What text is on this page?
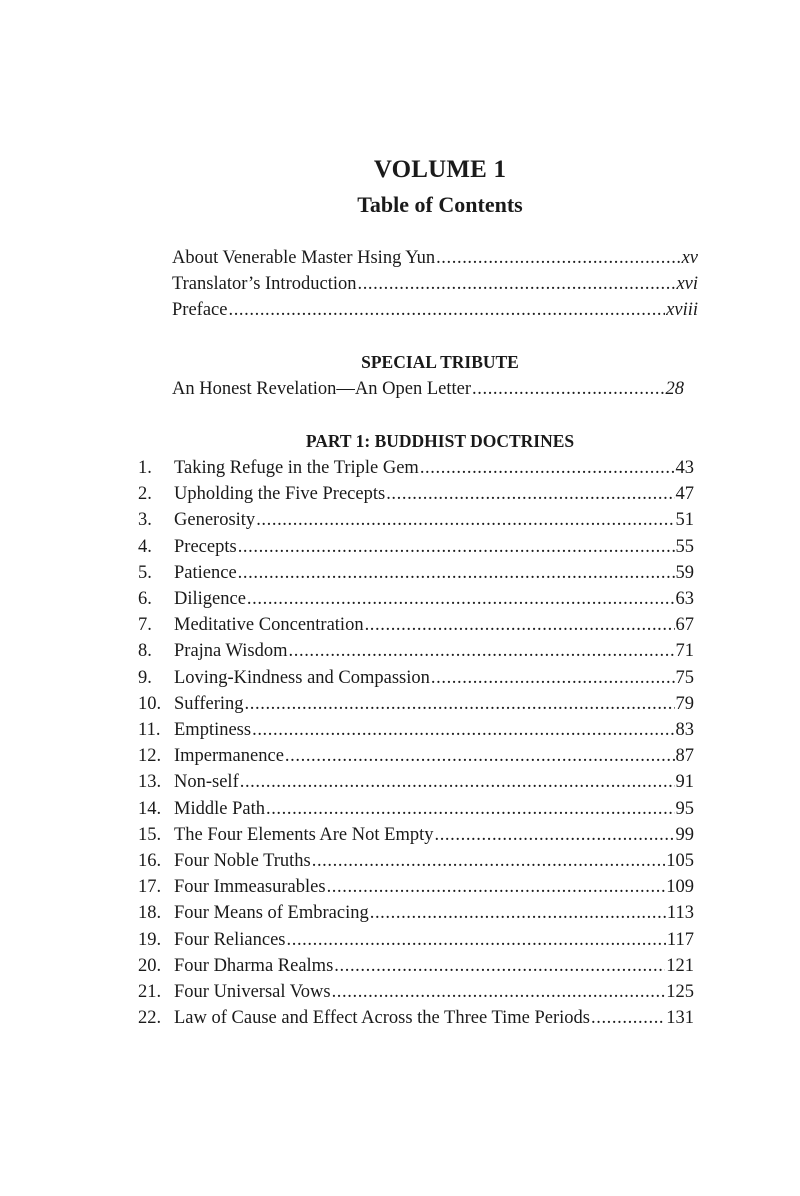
VOLUME 1
Table of Contents
About Venerable Master Hsing Yun .....	xv
Translator’s Introduction .....	xvi
Preface .....	xviii
SPECIAL TRIBUTE
An Honest Revelation—An Open Letter .....	28
PART 1: BUDDHIST DOCTRINES
1.	Taking Refuge in the Triple Gem .....	43
2.	Upholding the Five Precepts .....	47
3.	Generosity .....	51
4.	Precepts .....	55
5.	Patience .....	59
6.	Diligence .....	63
7.	Meditative Concentration .....	67
8.	Prajna Wisdom .....	71
9.	Loving-Kindness and Compassion .....	75
10. Suffering .....	79
11. Emptiness .....	83
12. Impermanence .....	87
13. Non-self .....	91
14. Middle Path .....	95
15. The Four Elements Are Not Empty .....	99
16. Four Noble Truths .....	105
17. Four Immeasurables .....	109
18. Four Means of Embracing .....	113
19. Four Reliances .....	117
20. Four Dharma Realms .....	121
21. Four Universal Vows .....	125
22. Law of Cause and Effect Across the Three Time Periods .....	131
